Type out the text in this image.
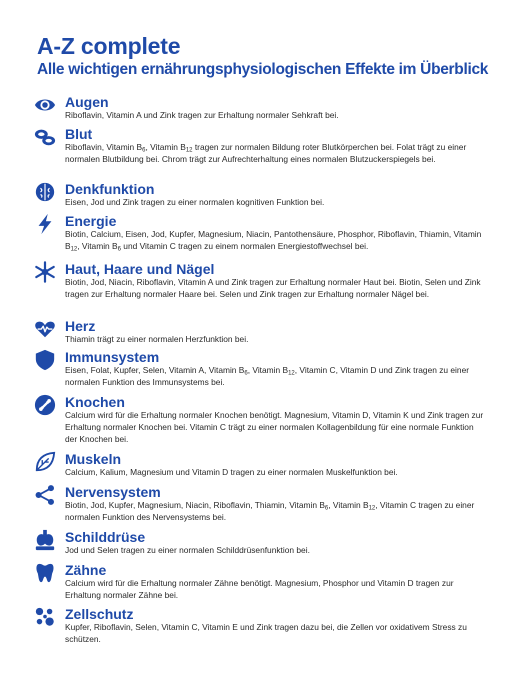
A-Z complete
Alle wichtigen ernährungsphysiologischen Effekte im Überblick
Augen

Riboflavin, Vitamin A und Zink tragen zur Erhaltung normaler Sehkraft bei.

Blut

Riboflavin, Vitamin $B_6$, Vitamin $B_{12}$ tragen zur normalen Bildung roter Blutkörperchen bei. Folat trägt zu einer normalen Blutbildung bei. Chrom trägt zur Aufrechterhaltung eines normalen Blutzuckerspiegels bei.

Denkfunktion

Eisen, Jod und Zink tragen zu einer normalen kognitiven Funktion bei.

Energie

Biotin, Calcium, Eisen, Jod, Kupfer, Magnesium, Niacin, Pantothensäure, Phosphor, Riboflavin, Thiamin, Vitamin $B_{12}$, Vitamin $B_6$ und Vitamin C tragen zu einem normalen Energiestoffwechsel bei.

Haut, Haare und Nägel

Biotin, Jod, Niacin, Riboflavin, Vitamin A und Zink tragen zur Erhaltung normaler Haut bei. Biotin, Selen und Zink tragen zur Erhaltung normaler Haare bei. Selen und Zink tragen zur Erhaltung normaler Nägel bei.

Herz

Thiamin trägt zu einer normalen Herzfunktion bei.

Immunsystem

Eisen, Folat, Kupfer, Selen, Vitamin A, Vitamin $B_6$, Vitamin $B_{12}$, Vitamin C, Vitamin D und Zink tragen zu einer normalen Funktion des Immunsystems bei.

Knochen

Calcium wird für die Erhaltung normaler Knochen benötigt. Magnesium, Vitamin D, Vitamin K und Zink tragen zur Erhaltung normaler Knochen bei. Vitamin C trägt zu einer normalen Kollagenbildung für eine normale Funktion der Knochen bei.

Muskeln

Calcium, Kalium, Magnesium und Vitamin D tragen zu einer normalen Muskelfunktion bei.

Nervensystem

Biotin, Jod, Kupfer, Magnesium, Niacin, Riboflavin, Thiamin, Vitamin $B_6$, Vitamin $B_{12}$, Vitamin C tragen zu einer normalen Funktion des Nervensystems bei.

Schilddrüse

Jod und Selen tragen zu einer normalen Schilddrüsenfunktion bei.

Zähne

Calcium wird für die Erhaltung normaler Zähne benötigt. Magnesium, Phosphor und Vitamin D tragen zur Erhaltung normaler Zähne bei.

Zellschutz

Kupfer, Riboflavin, Selen, Vitamin C, Vitamin E und Zink tragen dazu bei, die Zellen vor oxidativem Stress zu schützen.
